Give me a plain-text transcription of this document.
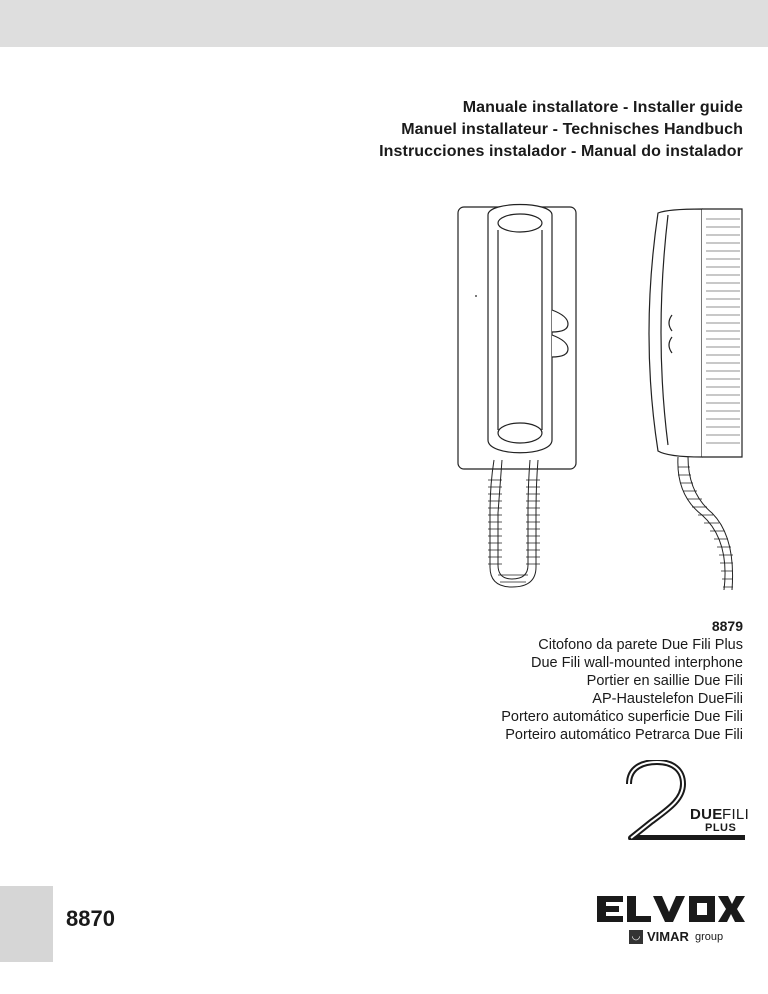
Manuale installatore - Installer guide
Manuel installateur - Technisches Handbuch
Instrucciones instalador - Manual do instalador
8879
Citofono da parete Due Fili Plus
Due Fili wall-mounted interphone
Portier en saillie Due Fili
AP-Haustelefon DueFili
Portero automático superficie Due Fili
Porteiro automático Petrarca Due Fili
DUE FILI
PLUS
8870
◡ VIMAR group
